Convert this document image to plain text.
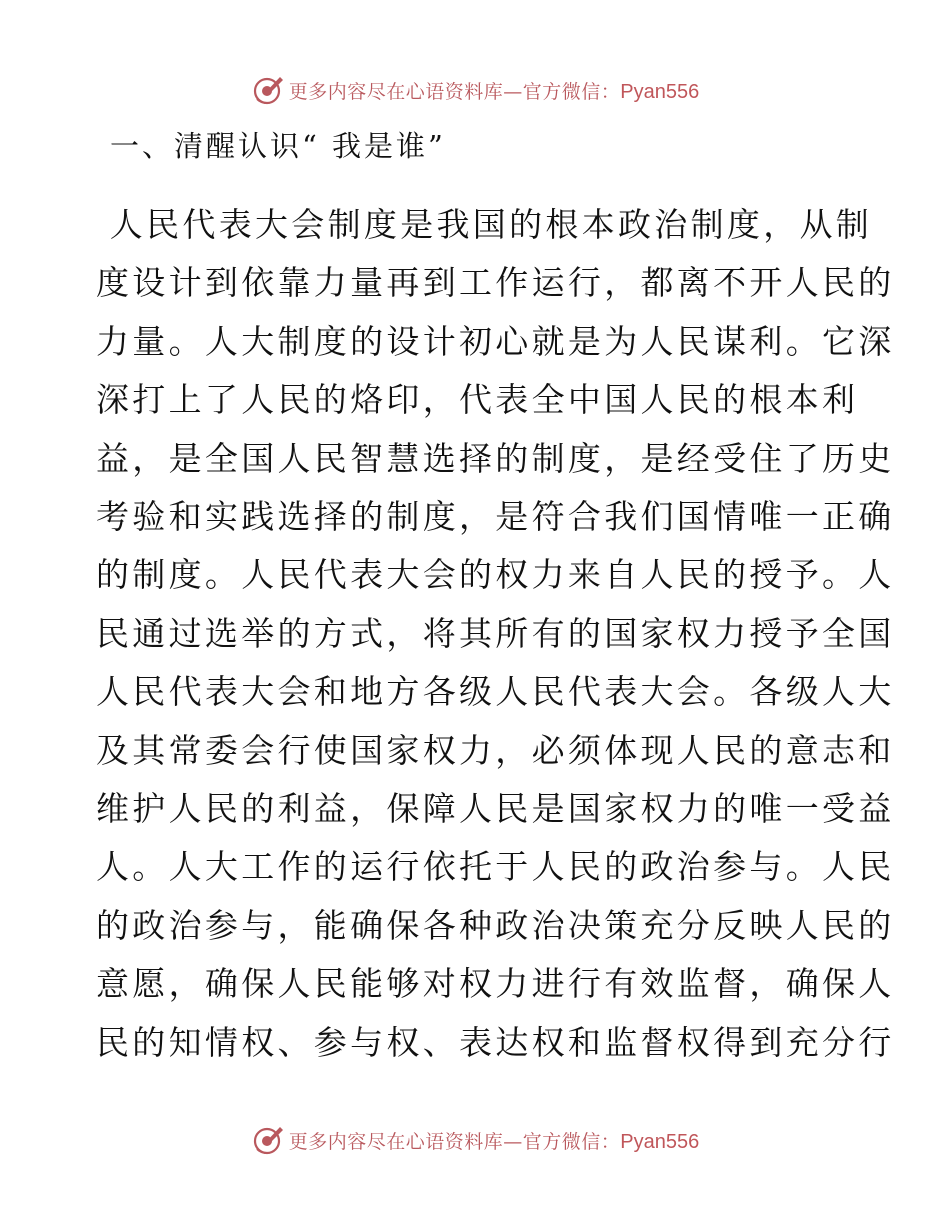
更多内容尽在心语资料库—官方微信：Pyan556
一、清醒认识“ 我是谁”
人民代表大会制度是我国的根本政治制度，从制
度设计到依靠力量再到工作运行，都离不开人民的
力量。人大制度的设计初心就是为人民谋利。它深
深打上了人民的烙印，代表全中国人民的根本利
益，是全国人民智慧选择的制度，是经受住了历史
考验和实践选择的制度，是符合我们国情唯一正确
的制度。人民代表大会的权力来自人民的授予。人
民通过选举的方式，将其所有的国家权力授予全国
人民代表大会和地方各级人民代表大会。各级人大
及其常委会行使国家权力，必须体现人民的意志和
维护人民的利益，保障人民是国家权力的唯一受益
人。人大工作的运行依托于人民的政治参与。人民
的政治参与，能确保各种政治决策充分反映人民的
意愿，确保人民能够对权力进行有效监督，确保人
民的知情权、参与权、表达权和监督权得到充分行
更多内容尽在心语资料库—官方微信：Pyan556
